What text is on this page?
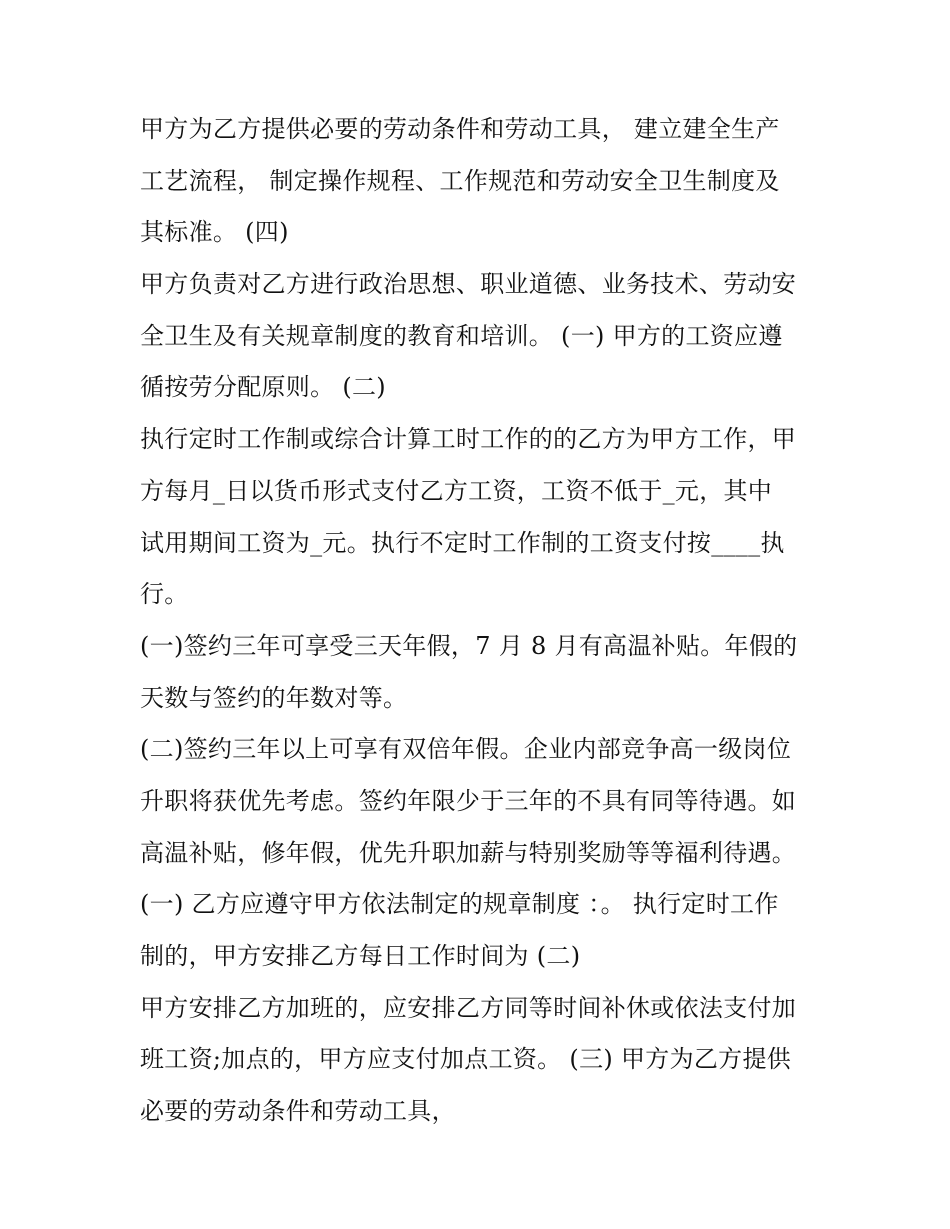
甲方为乙方提供必要的劳动条件和劳动工具， 建立建全生产
工艺流程， 制定操作规程、工作规范和劳动安全卫生制度及
其标准。 (四)
甲方负责对乙方进行政治思想、职业道德、业务技术、劳动安
全卫生及有关规章制度的教育和培训。 (一) 甲方的工资应遵
循按劳分配原则。 (二)
执行定时工作制或综合计算工时工作的的乙方为甲方工作，甲
方每月_日以货币形式支付乙方工资，工资不低于_元，其中
试用期间工资为_元。执行不定时工作制的工资支付按____执
行。
(一)签约三年可享受三天年假，7 月 8 月有高温补贴。年假的
天数与签约的年数对等。
(二)签约三年以上可享有双倍年假。企业内部竞争高一级岗位
升职将获优先考虑。签约年限少于三年的不具有同等待遇。如
高温补贴，修年假，优先升职加薪与特别奖励等等福利待遇。
(一) 乙方应遵守甲方依法制定的规章制度 ：。 执行定时工作
制的，甲方安排乙方每日工作时间为 (二)
甲方安排乙方加班的，应安排乙方同等时间补休或依法支付加
班工资;加点的，甲方应支付加点工资。 (三) 甲方为乙方提供
必要的劳动条件和劳动工具，
